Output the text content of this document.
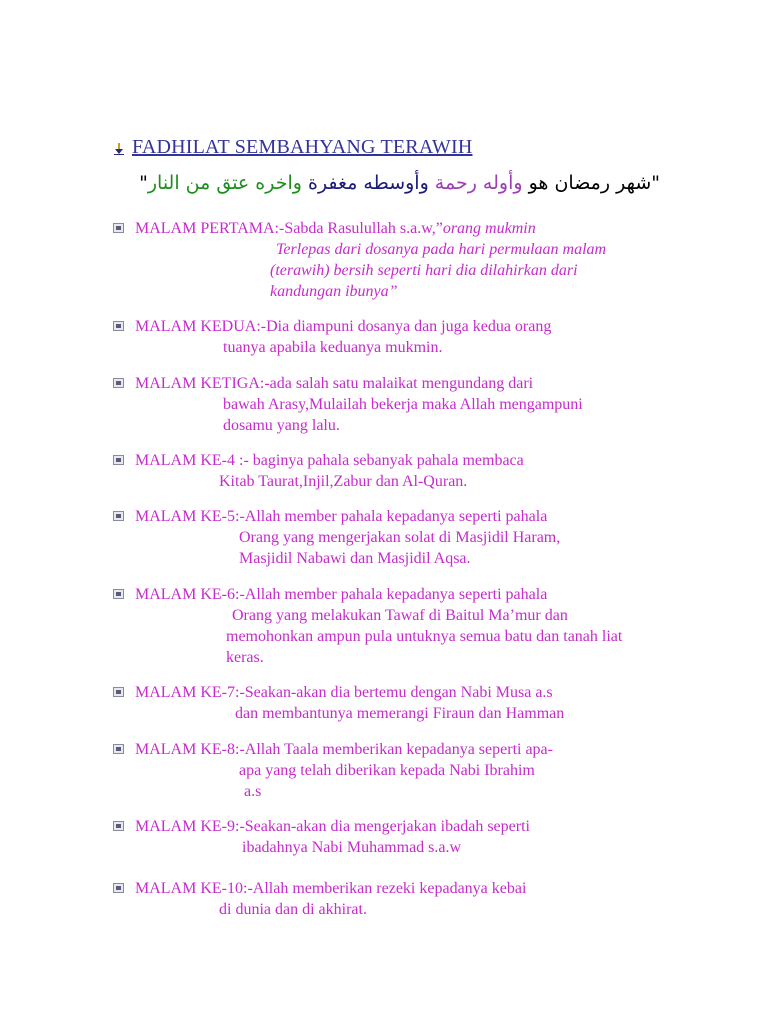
FADHILAT SEMBAHYANG TERAWIH
"شهر رمضان هو وأوله رحمة وأوسطه مغفرة واخره عتق من النار"
MALAM PERTAMA:-Sabda Rasulullah s.a.w,”orang mukmin
Terlepas dari dosanya pada hari permulaan malam
(terawih) bersih seperti hari dia dilahirkan dari
kandungan ibunya”
MALAM KEDUA:-Dia diampuni dosanya dan juga kedua orang
tuanya apabila keduanya mukmin.
MALAM KETIGA:-ada salah satu malaikat mengundang dari
bawah Arasy,Mulailah bekerja maka Allah mengampuni
dosamu yang lalu.
MALAM KE-4 :- baginya pahala sebanyak pahala membaca
Kitab Taurat,Injil,Zabur dan Al-Quran.
MALAM KE-5:-Allah member pahala kepadanya seperti pahala
Orang yang mengerjakan solat di Masjidil Haram,
Masjidil Nabawi dan Masjidil Aqsa.
MALAM KE-6:-Allah member pahala kepadanya seperti pahala
Orang yang melakukan Tawaf di Baitul Ma’mur dan
memohonkan ampun pula untuknya semua batu dan tanah liat
keras.
MALAM KE-7:-Seakan-akan dia bertemu dengan Nabi Musa a.s
dan membantunya memerangi Firaun dan Hamman
MALAM KE-8:-Allah Taala memberikan kepadanya seperti apa-
apa yang telah diberikan kepada Nabi Ibrahim
a.s
MALAM KE-9:-Seakan-akan dia mengerjakan ibadah seperti
ibadahnya Nabi Muhammad s.a.w
MALAM KE-10:-Allah memberikan rezeki kepadanya kebai
di dunia dan di akhirat.
